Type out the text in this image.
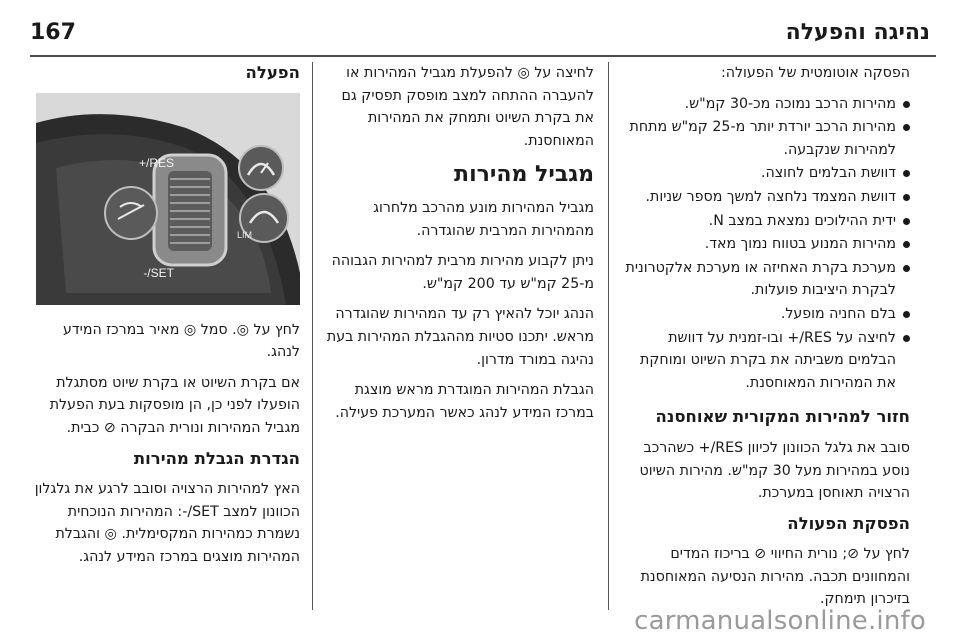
167	נהיגה והפעלה

הפסקה אוטומטית של הפעולה:

מהירות הרכב נמוכה מכ-30 קמ"ש.
מהירות הרכב יורדת יותר מ-25 קמ"ש מתחת למהירות שנקבעה.
דוושת הבלמים לחוצה.
דוושת המצמד נלחצה למשך מספר שניות.
ידית ההילוכים נמצאת במצב N.
מהירות המנוע בטווח נמוך מאד.
מערכת בקרת האחיזה או מערכת אלקטרונית לבקרת היציבות פועלות.
בלם החניה מופעל.
לחיצה על RES/+ ובו-זמנית על דוושת הבלמים משביתה את בקרת השיוט ומוחקת את המהירות המאוחסנת.
חזור למהירות המקורית שאוחסנה

סובב את גלגל הכוונון לכיוון RES/+ כשהרכב נוסע במהירות מעל 30 קמ"ש. מהירות השיוט הרצויה תאוחסן במערכת.

הפסקת הפעולה

לחץ על ⊘; נורית החיווי ⊘ בריכוז המדים והמחוונים תכבה. מהירות הנסיעה המאוחסנת בזיכרון תימחק.

לחיצה על ◎ להפעלת מגביל המהירות או להעברה ההתחה למצב מופסק תפסיק גם את בקרת השיוט ותמחק את המהירות המאוחסנת.

מגביל מהירות

מגביל המהירות מונע מהרכב מלחרוג מהמהירות המרבית שהוגדרה.

ניתן לקבוע מהירות מרבית למהירות הגבוהה מ-25 קמ"ש עד 200 קמ"ש.

הנהג יוכל להאיץ רק עד המהירות שהוגדרה מראש. יתכנו סטיות מההגבלת המהירות בעת נהיגה במורד מדרון.

הגבלת המהירות המוגדרת מראש מוצגת במרכז המידע לנהג כאשר המערכת פעילה.

הפעלה
RES/+
SET/-
LIM

לחץ על ◎. סמל ◎ מאיר במרכז המידע לנהג.

אם בקרת השיוט או בקרת שיוט מסתגלת הופעלו לפני כן, הן מופסקות בעת הפעלת מגביל המהירות ונורית הבקרה ⊘ כבית.

הגדרת הגבלת מהירות

האץ למהירות הרצויה וסובב לרגע את גלגלון הכוונון למצב SET/-: המהירות הנוכחית נשמרת כמהירות המקסימלית. ◎ והגבלת המהירות מוצגים במרכז המידע לנהג.

carmanualsonline.info
